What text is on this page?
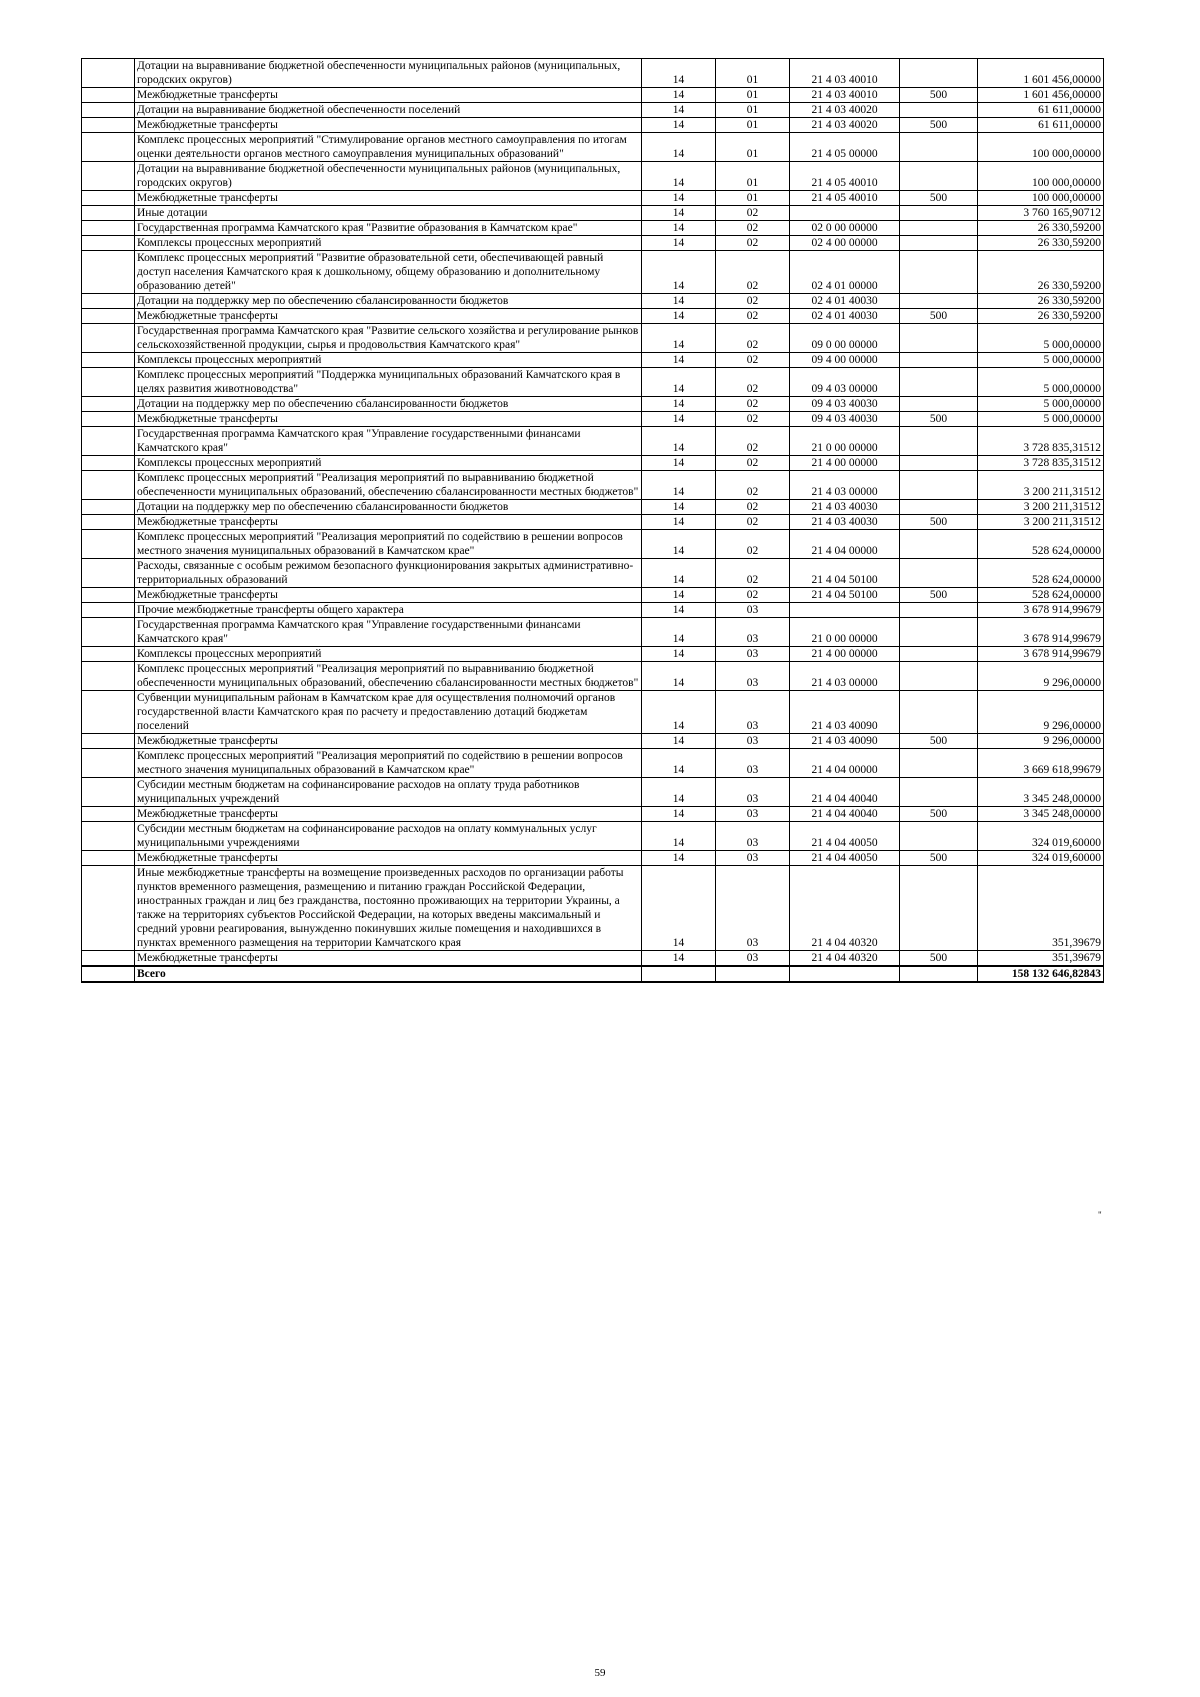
	Дотации на выравнивание бюджетной обеспеченности муниципальных районов (муниципальных, городских округов)	14	01	21 4 03 40010		1 601 456,00000
	Межбюджетные трансферты	14	01	21 4 03 40010	500	1 601 456,00000
	Дотации на выравнивание бюджетной обеспеченности поселений	14	01	21 4 03 40020		61 611,00000
	Межбюджетные трансферты	14	01	21 4 03 40020	500	61 611,00000
	Комплекс процессных мероприятий "Стимулирование органов местного самоуправления по итогам оценки деятельности органов местного самоуправления муниципальных образований"	14	01	21 4 05 00000		100 000,00000
	Дотации на выравнивание бюджетной обеспеченности муниципальных районов (муниципальных, городских округов)	14	01	21 4 05 40010		100 000,00000
	Межбюджетные трансферты	14	01	21 4 05 40010	500	100 000,00000
	Иные дотации	14	02			3 760 165,90712
	Государственная программа Камчатского края "Развитие образования в Камчатском крае"	14	02	02 0 00 00000		26 330,59200
	Комплексы процессных мероприятий	14	02	02 4 00 00000		26 330,59200
	Комплекс процессных мероприятий "Развитие образовательной сети, обеспечивающей равный доступ населения Камчатского края к дошкольному, общему образованию и дополнительному образованию детей"	14	02	02 4 01 00000		26 330,59200
	Дотации на поддержку мер по обеспечению сбалансированности бюджетов	14	02	02 4 01 40030		26 330,59200
	Межбюджетные трансферты	14	02	02 4 01 40030	500	26 330,59200
	Государственная программа Камчатского края "Развитие сельского хозяйства и регулирование рынков сельскохозяйственной продукции, сырья и продовольствия Камчатского края"	14	02	09 0 00 00000		5 000,00000
	Комплексы процессных мероприятий	14	02	09 4 00 00000		5 000,00000
	Комплекс процессных мероприятий "Поддержка муниципальных образований Камчатского края в целях развития животноводства"	14	02	09 4 03 00000		5 000,00000
	Дотации на поддержку мер по обеспечению сбалансированности бюджетов	14	02	09 4 03 40030		5 000,00000
	Межбюджетные трансферты	14	02	09 4 03 40030	500	5 000,00000
	Государственная программа Камчатского края "Управление государственными финансами Камчатского края"	14	02	21 0 00 00000		3 728 835,31512
	Комплексы процессных мероприятий	14	02	21 4 00 00000		3 728 835,31512
	Комплекс процессных мероприятий "Реализация мероприятий по выравниванию бюджетной обеспеченности муниципальных образований, обеспечению сбалансированности местных бюджетов"	14	02	21 4 03 00000		3 200 211,31512
	Дотации на поддержку мер по обеспечению сбалансированности бюджетов	14	02	21 4 03 40030		3 200 211,31512
	Межбюджетные трансферты	14	02	21 4 03 40030	500	3 200 211,31512
	Комплекс процессных мероприятий "Реализация мероприятий по содействию в решении вопросов местного значения муниципальных образований в Камчатском крае"	14	02	21 4 04 00000		528 624,00000
	Расходы, связанные с особым режимом безопасного функционирования закрытых административно-территориальных образований	14	02	21 4 04 50100		528 624,00000
	Межбюджетные трансферты	14	02	21 4 04 50100	500	528 624,00000
	Прочие межбюджетные трансферты общего характера	14	03			3 678 914,99679
	Государственная программа Камчатского края "Управление государственными финансами Камчатского края"	14	03	21 0 00 00000		3 678 914,99679
	Комплексы процессных мероприятий	14	03	21 4 00 00000		3 678 914,99679
	Комплекс процессных мероприятий "Реализация мероприятий по выравниванию бюджетной обеспеченности муниципальных образований, обеспечению сбалансированности местных бюджетов"	14	03	21 4 03 00000		9 296,00000
	Субвенции муниципальным районам в Камчатском крае для осуществления полномочий органов государственной власти Камчатского края по расчету и предоставлению дотаций бюджетам поселений	14	03	21 4 03 40090		9 296,00000
	Межбюджетные трансферты	14	03	21 4 03 40090	500	9 296,00000
	Комплекс процессных мероприятий "Реализация мероприятий по содействию в решении вопросов местного значения муниципальных образований в Камчатском крае"	14	03	21 4 04 00000		3 669 618,99679
	Субсидии местным бюджетам на софинансирование расходов на оплату труда работников муниципальных учреждений	14	03	21 4 04 40040		3 345 248,00000
	Межбюджетные трансферты	14	03	21 4 04 40040	500	3 345 248,00000
	Субсидии местным бюджетам на софинансирование расходов на оплату коммунальных услуг муниципальными учреждениями	14	03	21 4 04 40050		324 019,60000
	Межбюджетные трансферты	14	03	21 4 04 40050	500	324 019,60000
	Иные межбюджетные трансферты на возмещение произведенных расходов по организации работы пунктов временного размещения, размещению и питанию граждан Российской Федерации, иностранных граждан и лиц без гражданства, постоянно проживающих на территории Украины, а также на территориях субъектов Российской Федерации, на которых введены максимальный и средний уровни реагирования, вынужденно покинувших жилые помещения и находившихся в пунктах временного размещения на территории Камчатского края	14	03	21 4 04 40320		351,39679
	Межбюджетные трансферты	14	03	21 4 04 40320	500	351,39679
	Всего					158 132 646,82843
"
59
